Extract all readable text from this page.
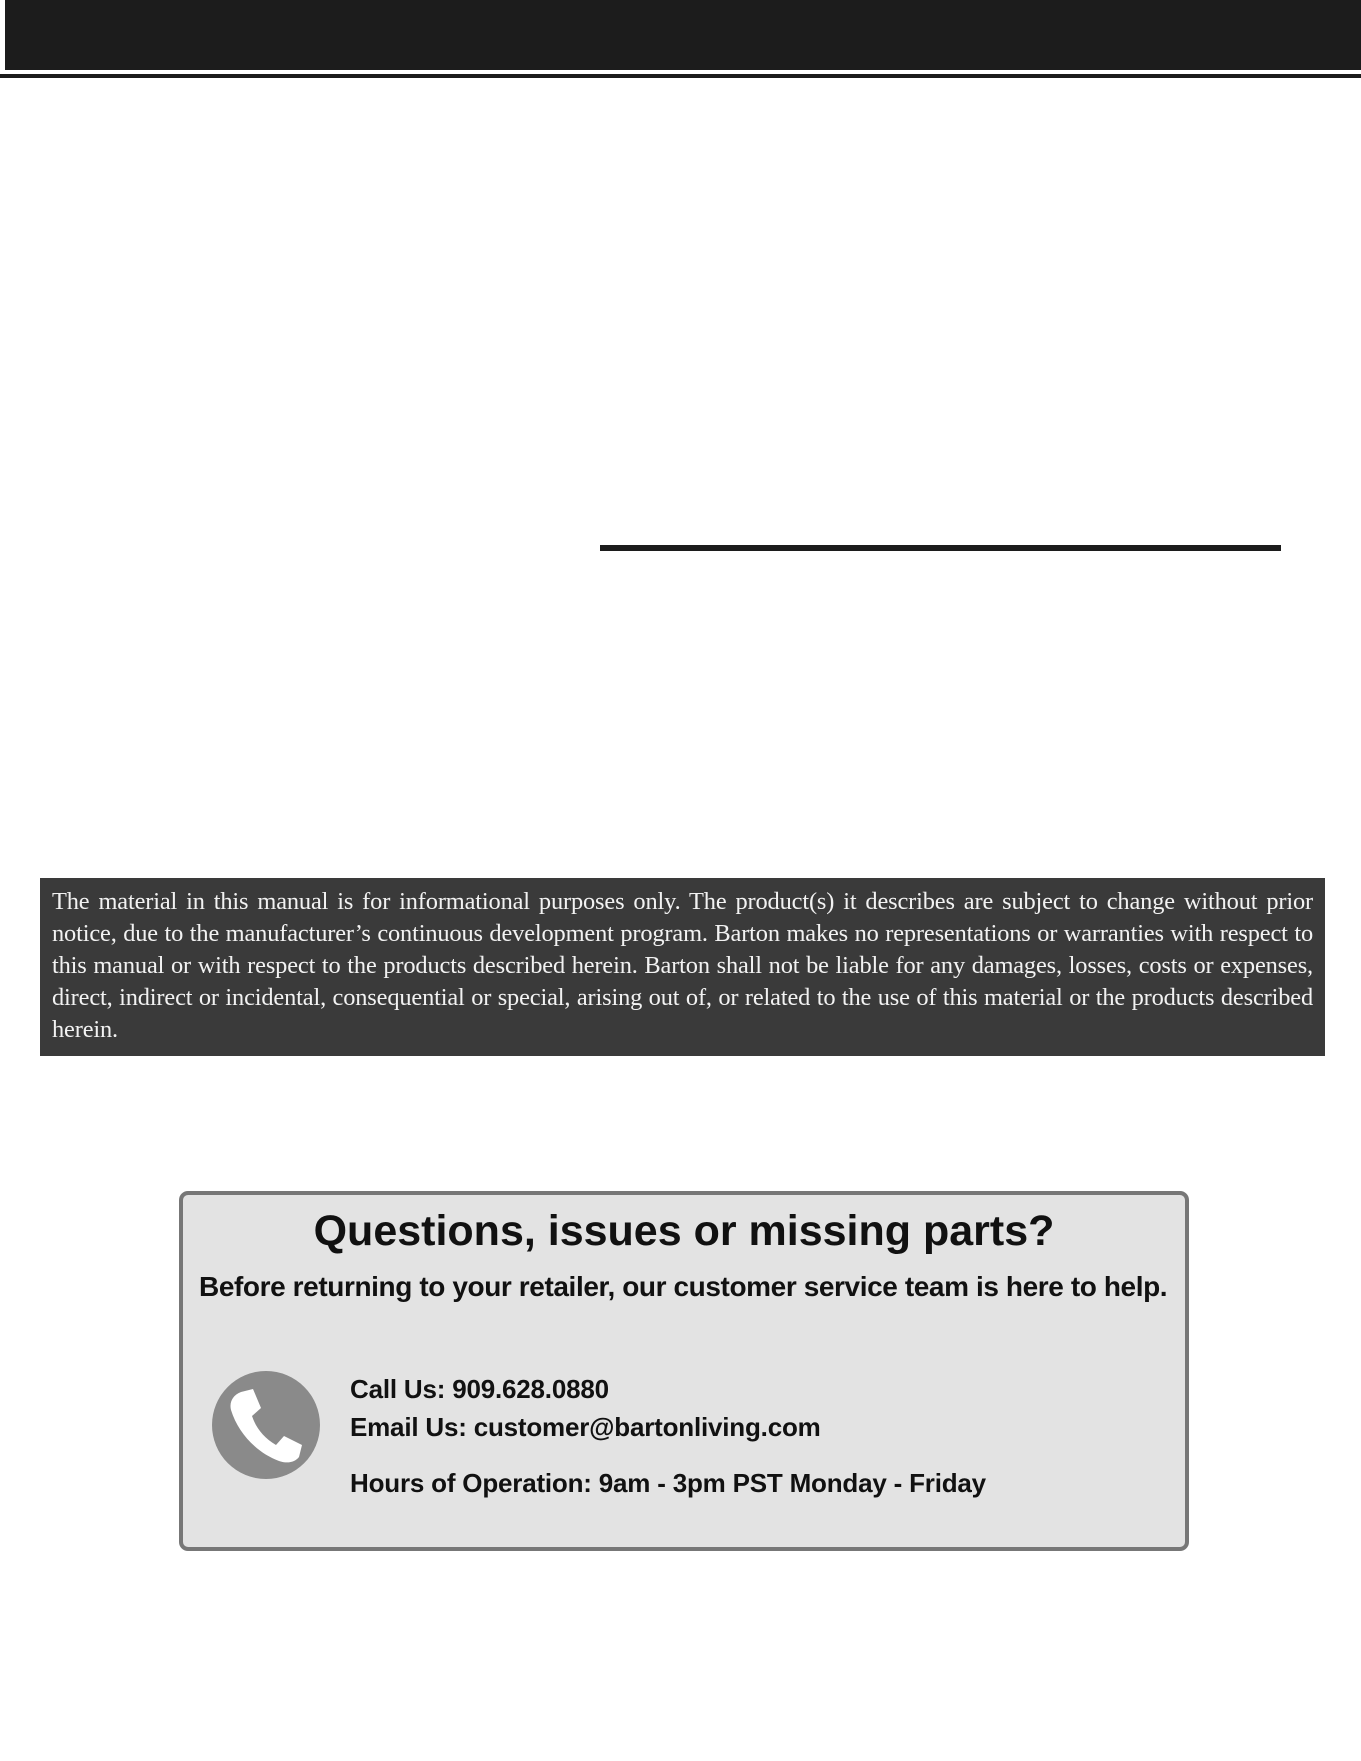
The material in this manual is for informational purposes only. The product(s) it describes are subject to change without prior notice, due to the manufacturer’s continuous development program. Barton makes no representations or warranties with respect to this manual or with respect to the products described herein. Barton shall not be liable for any damages, losses, costs or expenses, direct, indirect or incidental, consequential or special, arising out of, or related to the use of this material or the products described herein.
Questions, issues or missing parts?
Before returning to your retailer, our customer service team is here to help.
Call Us: 909.628.0880
Email Us: customer@bartonliving.com
Hours of Operation: 9am - 3pm PST Monday - Friday
